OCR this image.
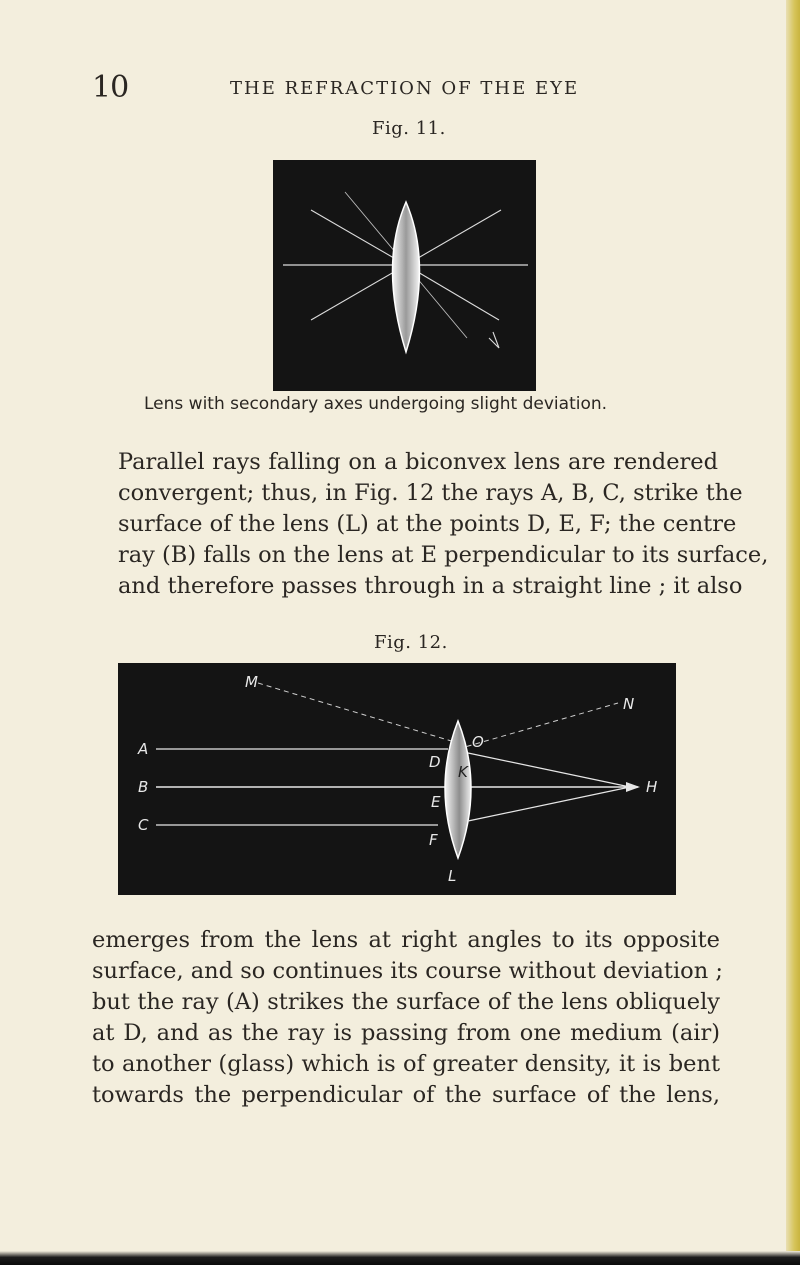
10	THE REFRACTION OF THE EYE
Fig. 11.
Lens with secondary axes undergoing slight deviation.

Parallel rays falling on a biconvex lens are rendered
convergent; thus, in Fig. 12 the rays A, B, C, strike the
surface of the lens (L) at the points D, E, F; the centre
ray (B) falls on the lens at E perpendicular to its surface,
and therefore passes through in a straight line ; it also

Fig. 12.
M
N
A
B
C
D
E
F
O
K
H
L

emerges from the lens at right angles to its opposite
surface, and so continues its course without deviation ;
but the ray (A) strikes the surface of the lens obliquely
at D, and as the ray is passing from one medium (air)
to another (glass) which is of greater density, it is bent
towards the perpendicular of the surface of the lens,
